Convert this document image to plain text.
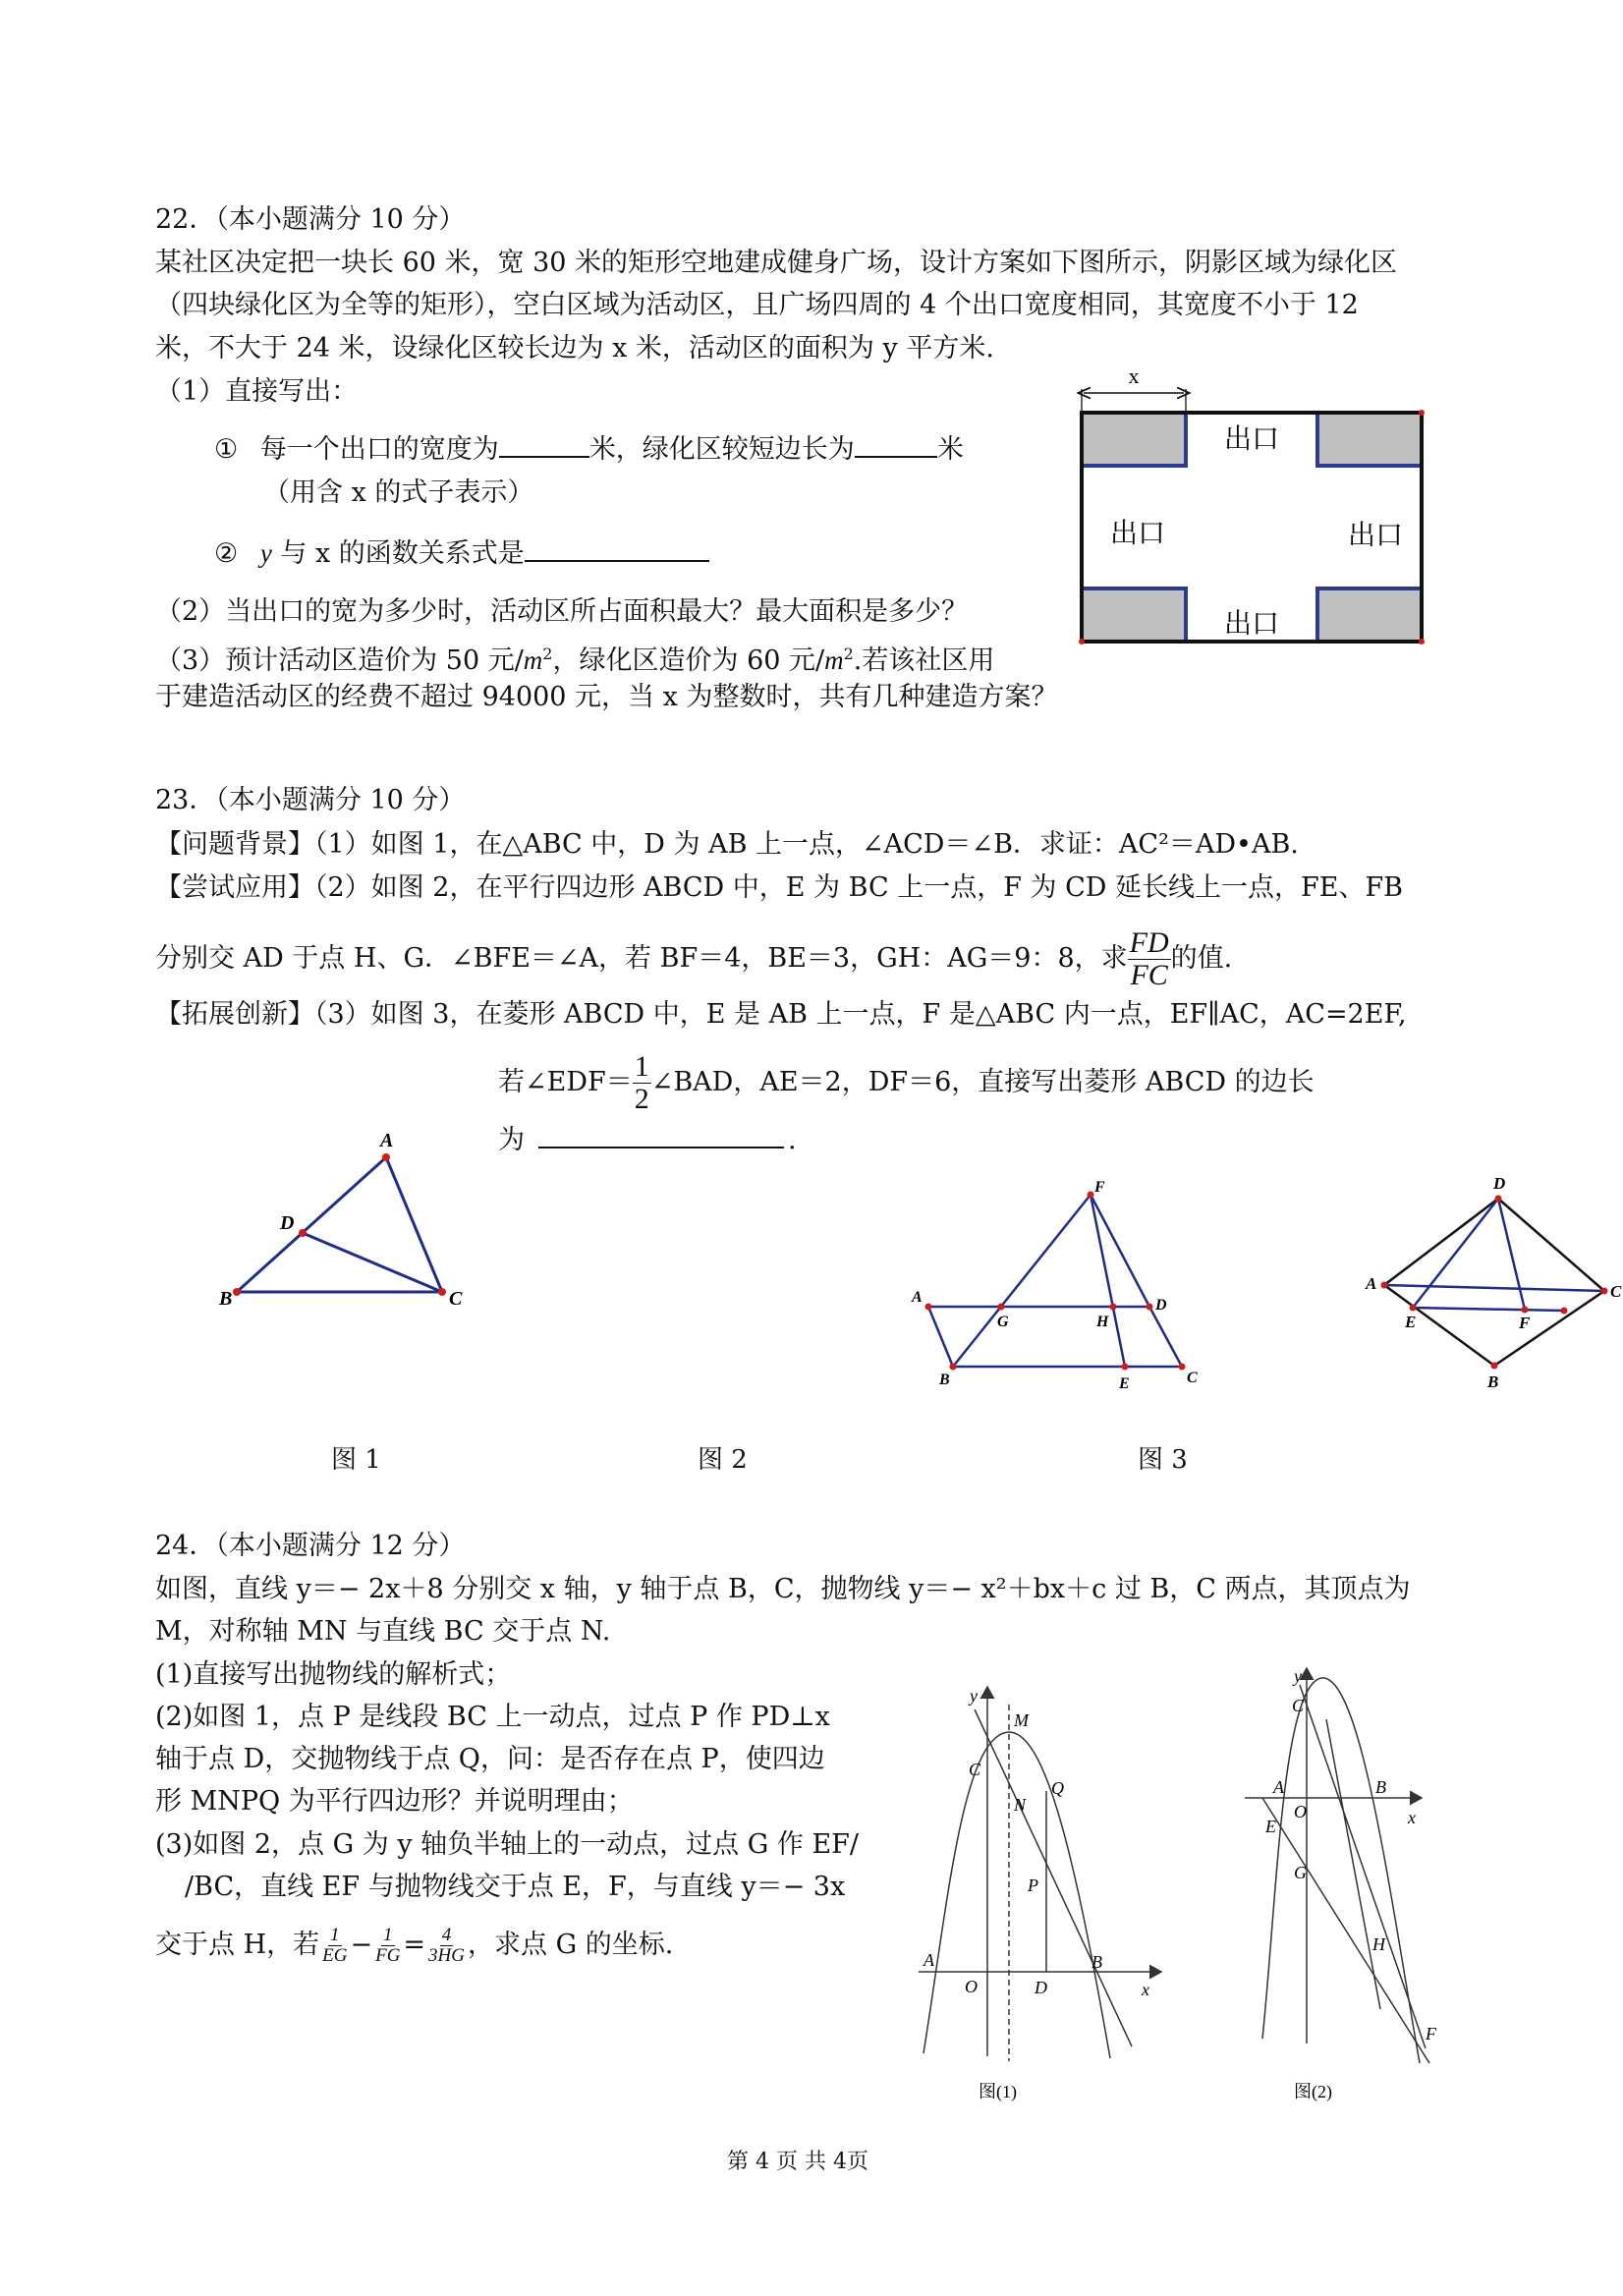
22．（本小题满分 10 分）
某社区决定把一块长 60 米，宽 30 米的矩形空地建成健身广场，设计方案如下图所示，阴影区域为绿化区
（四块绿化区为全等的矩形），空白区域为活动区，且广场四周的 4 个出口宽度相同，其宽度不小于 12
米，不大于 24 米，设绿化区较长边为 x 米，活动区的面积为 y 平方米.
（1）直接写出：
① 每一个出口的宽度为	米，绿化区较短边长为	米
（用含 x 的式子表示）
② y 与 x 的函数关系式是
（2）当出口的宽为多少时，活动区所占面积最大？最大面积是多少？
（3）预计活动区造价为 50 元$/m^2$，绿化区造价为 60 元$/m^2$.若该社区用
于建造活动区的经费不超过 94000 元，当 x 为整数时，共有几种建造方案？
x
出口
出口	出口
出口
23．（本小题满分 10 分）
【问题背景】（1）如图 1，在△ABC 中，D 为 AB 上一点，∠ACD＝∠B．求证：AC²＝AD•AB.
【尝试应用】（2）如图 2，在平行四边形 ABCD 中，E 为 BC 上一点，F 为 CD 延长线上一点，FE、FB
分别交 AD 于点 H、G．∠BFE＝∠A，若 BF＝4，BE＝3，GH：AG＝9：8，求 $\frac{FD}{FC}$ 的值.
【拓展创新】（3）如图 3，在菱形 ABCD 中，E 是 AB 上一点，F 是△ABC 内一点，EF∥AC，AC=2EF,
若∠EDF＝ $\frac{1}{2}$ ∠BAD，AE＝2，DF＝6，直接写出菱形 ABCD 的边长
为	.
A
B	C
D
A
B	C
D
E
F
G	H
D
A	C
B
E	F
图 1	图 2	图 3
24．（本小题满分 12 分）
如图，直线 y＝− 2x＋8 分别交 x 轴，y 轴于点 B，C，抛物线 y＝− x²＋bx＋c 过 B，C 两点，其顶点为
M，对称轴 MN 与直线 BC 交于点 N.
(1)直接写出抛物线的解析式；
(2)如图 1，点 P 是线段 BC 上一动点，过点 P 作 PD⊥x
轴于点 D，交抛物线于点 Q，问：是否存在点 P，使四边
形 MNPQ 为平行四边形？并说明理由；
(3)如图 2，点 G 为 y 轴负半轴上的一动点，过点 G 作 EF/
/BC，直线 EF 与抛物线交于点 E，F，与直线 y＝− 3x
交于点 H，若 $\frac{1}{EG} - \frac{1}{FG} = \frac{4}{3HG}$ ，求点 G 的坐标.
y
x
M
C
N
Q
P
A
O	D
B
图(1)
y
x
C
A
O
B
E
G
H
F
图(2)
第 4 页 共 4页
